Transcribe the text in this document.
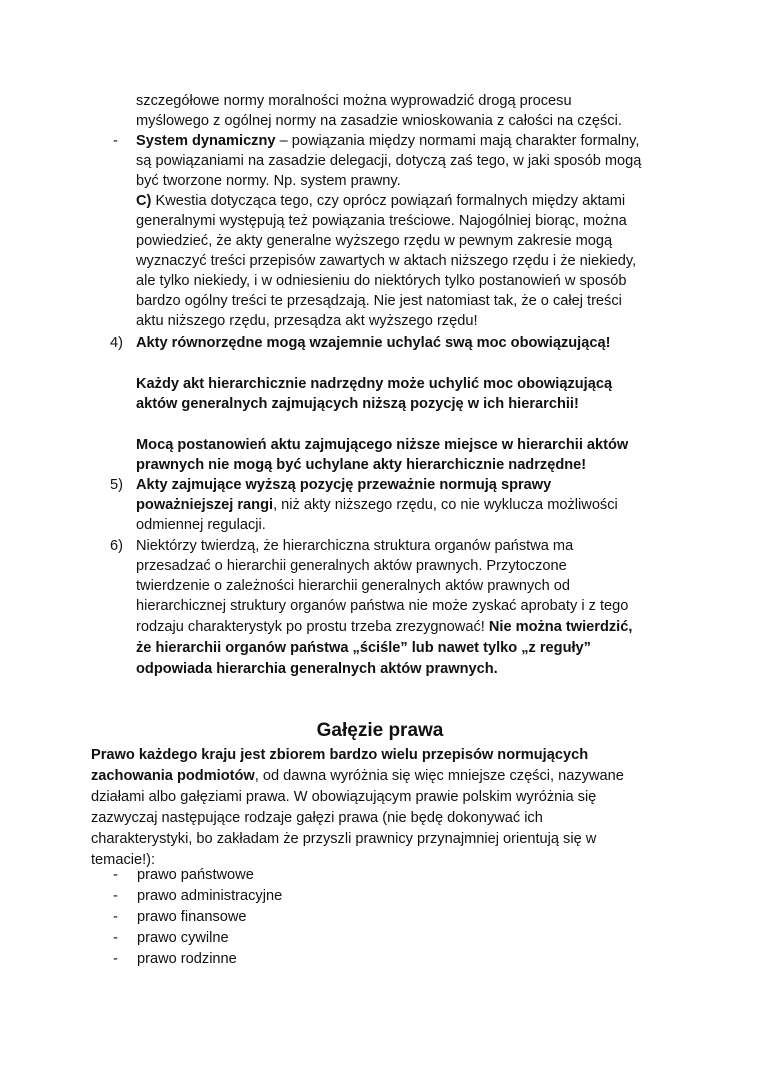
szczegółowe normy moralności można wyprowadzić drogą procesu
myślowego z ogólnej normy na zasadzie wnioskowania z całości na części.
- System dynamiczny – powiązania między normami mają charakter formalny,
są powiązaniami na zasadzie delegacji, dotyczą zaś tego, w jaki sposób mogą
być tworzone normy. Np. system prawny.
C) Kwestia dotycząca tego, czy oprócz powiązań formalnych między aktami
generalnymi występują też powiązania treściowe. Najogólniej biorąc, można
powiedzieć, że akty generalne wyższego rzędu w pewnym zakresie mogą
wyznaczyć treści przepisów zawartych w aktach niższego rzędu i że niekiedy,
ale tylko niekiedy, i w odniesieniu do niektórych tylko postanowień w sposób
bardzo ogólny treści te przesądzają. Nie jest natomiast tak, że o całej treści
aktu niższego rzędu, przesądza akt wyższego rzędu!
4) Akty równorzędne mogą wzajemnie uchylać swą moc obowiązującą!
Każdy akt hierarchicznie nadrzędny może uchylić moc obowiązującą
aktów generalnych zajmujących niższą pozycję w ich hierarchii!
Mocą postanowień aktu zajmującego niższe miejsce w hierarchii aktów
prawnych nie mogą być uchylane akty hierarchicznie nadrzędne!
5) Akty zajmujące wyższą pozycję przeważnie normują sprawy
poważniejszej rangi, niż akty niższego rzędu, co nie wyklucza możliwości
odmiennej regulacji.
6) Niektórzy twierdzą, że hierarchiczna struktura organów państwa ma
przesadzać o hierarchii generalnych aktów prawnych. Przytoczone
twierdzenie o zależności hierarchii generalnych aktów prawnych od
hierarchicznej struktury organów państwa nie może zyskać aprobaty i z tego
rodzaju charakterystyk po prostu trzeba zrezygnować! Nie można twierdzić,
że hierarchii organów państwa „ściśle” lub nawet tylko „z reguły”
odpowiada hierarchia generalnych aktów prawnych.
Gałęzie prawa
Prawo każdego kraju jest zbiorem bardzo wielu przepisów normujących
zachowania podmiotów, od dawna wyróżnia się więc mniejsze części, nazywane
działami albo gałęziami prawa. W obowiązującym prawie polskim wyróżnia się
zazwyczaj następujące rodzaje gałęzi prawa (nie będę dokonywać ich
charakterystyki, bo zakładam że przyszli prawnicy przynajmniej orientują się w
temacie!):
- prawo państwowe
- prawo administracyjne
- prawo finansowe
- prawo cywilne
- prawo rodzinne
